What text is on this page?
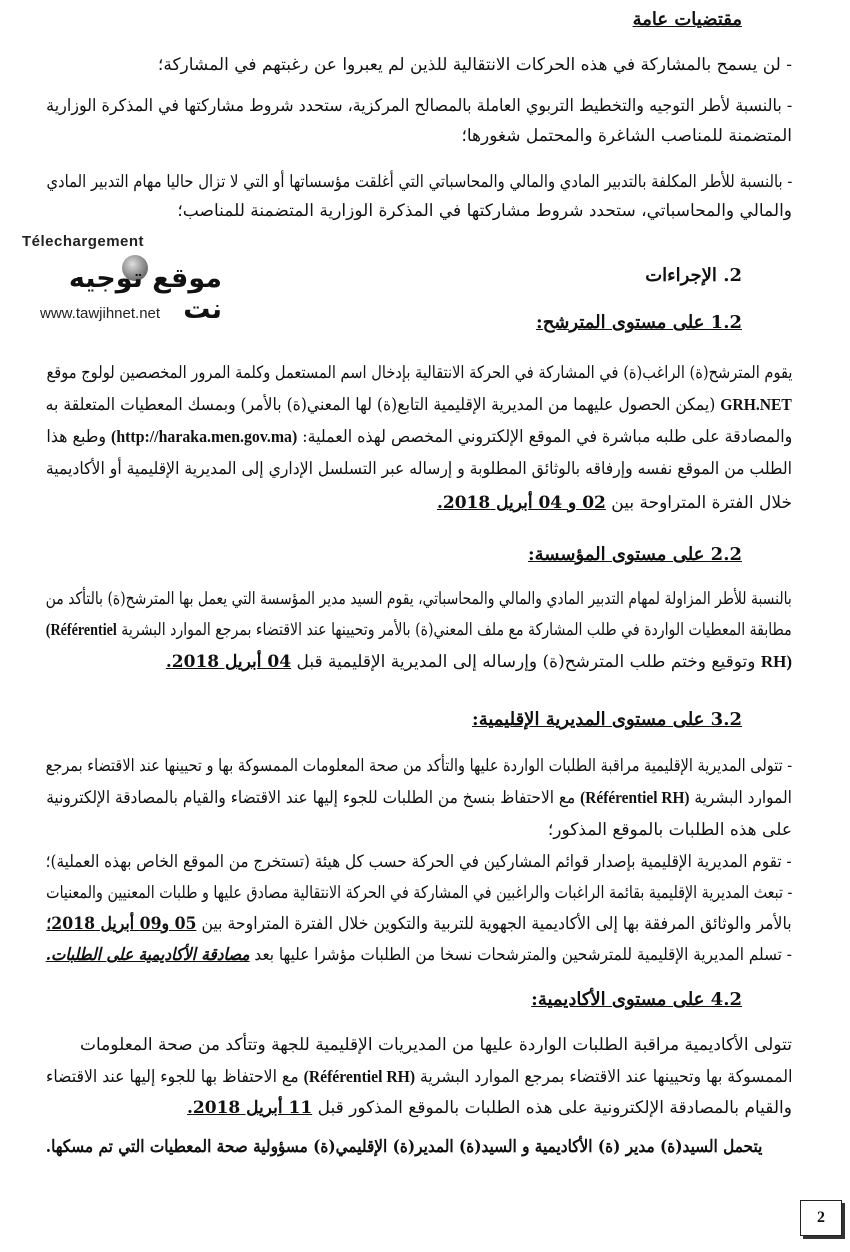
مقتضيات عامة
- لن يسمح بالمشاركة في هذه الحركات الانتقالية للذين لم يعبروا عن رغبتهم في المشاركة؛
- بالنسبة لأطر التوجيه والتخطيط التربوي العاملة بالمصالح المركزية، ستحدد شروط مشاركتها في المذكرة الوزارية
المتضمنة للمناصب الشاغرة والمحتمل شغورها؛
- بالنسبة للأطر المكلفة بالتدبير المادي والمالي والمحاسباتي التي أغلقت مؤسساتها أو التي لا تزال حاليا مهام التدبير المادي
والمالي والمحاسباتي، ستحدد شروط مشاركتها في المذكرة الوزارية المتضمنة للمناصب؛
Télechargement
موقع توجيه نت
www.tawjihnet.net
2. الإجراءات
1.2 على مستوى المترشح:
يقوم المترشح(ة) الراغب(ة) في المشاركة في الحركة الانتقالية بإدخال اسم المستعمل وكلمة المرور المخصصين لولوج موقع
GRH.NET (يمكن الحصول عليهما من المديرية الإقليمية التابع(ة) لها المعني(ة) بالأمر) وبمسك المعطيات المتعلقة به
والمصادقة على طلبه مباشرة في الموقع الإلكتروني المخصص لهذه العملية: (http://haraka.men.gov.ma) وطبع هذا
الطلب من الموقع نفسه وإرفاقه بالوثائق المطلوبة و إرساله عبر التسلسل الإداري إلى المديرية الإقليمية أو الأكاديمية
خلال الفترة المتراوحة بين 02 و 04 أبريل 2018.
2.2 على مستوى المؤسسة:
بالنسبة للأطر المزاولة لمهام التدبير المادي والمالي والمحاسباتي، يقوم السيد مدير المؤسسة التي يعمل بها المترشح(ة) بالتأكد من
مطابقة المعطيات الواردة في طلب المشاركة مع ملف المعني(ة) بالأمر وتحيينها عند الاقتضاء بمرجع الموارد البشرية (Référentiel
RH) وتوقيع وختم طلب المترشح(ة) وإرساله إلى المديرية الإقليمية قبل 04 أبريل 2018.
3.2 على مستوى المديرية الإقليمية:
- تتولى المديرية الإقليمية مراقبة الطلبات الواردة عليها والتأكد من صحة المعلومات الممسوكة بها و تحيينها عند الاقتضاء بمرجع
الموارد البشرية (Référentiel RH) مع الاحتفاظ بنسخ من الطلبات للجوء إليها عند الاقتضاء والقيام بالمصادقة الإلكترونية
على هذه الطلبات بالموقع المذكور؛
- تقوم المديرية الإقليمية بإصدار قوائم المشاركين في الحركة حسب كل هيئة (تستخرج من الموقع الخاص بهذه العملية)؛
- تبعث المديرية الإقليمية بقائمة الراغبات والراغبين في المشاركة في الحركة الانتقالية مصادق عليها و طلبات المعنيين والمعنيات
بالأمر والوثائق المرفقة بها إلى الأكاديمية الجهوية للتربية والتكوين خلال الفترة المتراوحة بين 05 و09 أبريل 2018؛
- تسلم المديرية الإقليمية للمترشحين والمترشحات نسخا من الطلبات مؤشرا عليها بعد مصادقة الأكاديمية على الطلبات.
4.2 على مستوى الأكاديمية:
تتولى الأكاديمية مراقبة الطلبات الواردة عليها من المديريات الإقليمية للجهة وتتأكد من صحة المعلومات
الممسوكة بها وتحيينها عند الاقتضاء بمرجع الموارد البشرية (Référentiel RH) مع الاحتفاظ بها للجوء إليها عند الاقتضاء
والقيام بالمصادقة الإلكترونية على هذه الطلبات بالموقع المذكور قبل 11 أبريل 2018.
يتحمل السيد(ة) مدير (ة) الأكاديمية و السيد(ة) المدير(ة) الإقليمي(ة) مسؤولية صحة المعطيات التي تم مسكها.
2
